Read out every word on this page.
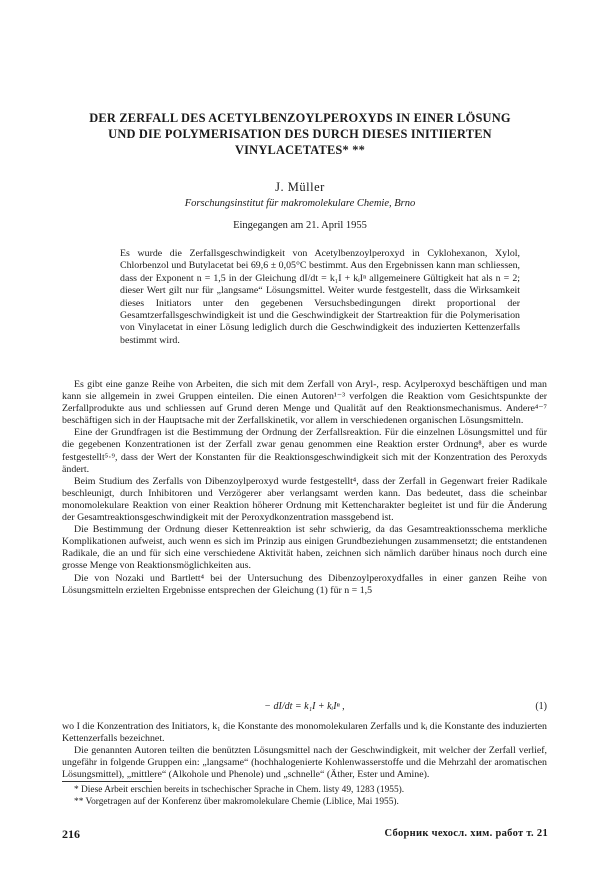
DER ZERFALL DES ACETYLBENZOYLPEROXYDS IN EINER LÖSUNG
UND DIE POLYMERISATION DES DURCH DIESES INITIIERTEN
VINYLACETATES* **

J. Müller

Forschungsinstitut für makromolekulare Chemie, Brno

Eingegangen am 21. April 1955

Es wurde die Zerfallsgeschwindigkeit von Acetylbenzoylperoxyd in Cyklohexanon, Xylol, Chlorbenzol und Butylacetat bei 69,6 ± 0,05°C bestimmt. Aus den Ergebnissen kann man schliessen, dass der Exponent n = 1,5 in der Gleichung dI/dt = k₁I + kᵢIⁿ allgemeinere Gültigkeit hat als n = 2; dieser Wert gilt nur für „langsame“ Lösungsmittel. Weiter wurde festgestellt, dass die Wirksamkeit dieses Initiators unter den gegebenen Versuchsbedingungen direkt proportional der Gesamtzerfallsgeschwindigkeit ist und die Geschwindigkeit der Startreaktion für die Polymerisation von Vinylacetat in einer Lösung lediglich durch die Geschwindigkeit des induzierten Kettenzerfalls bestimmt wird.

Es gibt eine ganze Reihe von Arbeiten, die sich mit dem Zerfall von Aryl-, resp. Acylperoxyd beschäftigen und man kann sie allgemein in zwei Gruppen einteilen. Die einen Autoren¹⁻³ verfolgen die Reaktion vom Gesichtspunkte der Zerfallprodukte aus und schliessen auf Grund deren Menge und Qualität auf den Reaktionsmechanismus. Andere⁴⁻⁷ beschäftigen sich in der Hauptsache mit der Zerfallskinetik, vor allem in verschiedenen organischen Lösungsmitteln.

Eine der Grundfragen ist die Bestimmung der Ordnung der Zerfallsreaktion. Für die einzelnen Lösungsmittel und für die gegebenen Konzentrationen ist der Zerfall zwar genau genommen eine Reaktion erster Ordnung⁸, aber es wurde festgestellt⁵·⁹, dass der Wert der Konstanten für die Reaktionsgeschwindigkeit sich mit der Konzentration des Peroxyds ändert.

Beim Studium des Zerfalls von Dibenzoylperoxyd wurde festgestellt⁴, dass der Zerfall in Gegenwart freier Radikale beschleunigt, durch Inhibitoren und Verzögerer aber verlangsamt werden kann. Das bedeutet, dass die scheinbar monomolekulare Reaktion von einer Reaktion höherer Ordnung mit Kettencharakter begleitet ist und für die Änderung der Gesamtreaktionsgeschwindigkeit mit der Peroxydkonzentration massgebend ist.

Die Bestimmung der Ordnung dieser Kettenreaktion ist sehr schwierig, da das Gesamtreaktionsschema merkliche Komplikationen aufweist, auch wenn es sich im Prinzip aus einigen Grundbeziehungen zusammensetzt; die entstandenen Radikale, die an und für sich eine verschiedene Aktivität haben, zeichnen sich nämlich darüber hinaus noch durch eine grosse Menge von Reaktionsmöglichkeiten aus.

Die von Nozaki und Bartlett⁴ bei der Untersuchung des Dibenzoylperoxydfalles in einer ganzen Reihe von Lösungsmitteln erzielten Ergebnisse entsprechen der Gleichung (1) für n = 1,5

− dI/dt = k₁I + kᵢIⁿ ,	(1)

wo I die Konzentration des Initiators, k₁ die Konstante des monomolekularen Zerfalls und kᵢ die Konstante des induzierten Kettenzerfalls bezeichnet.

Die genannten Autoren teilten die benützten Lösungsmittel nach der Geschwindigkeit, mit welcher der Zerfall verlief, ungefähr in folgende Gruppen ein: „langsame“ (hochhalogenierte Kohlenwasserstoffe und die Mehrzahl der aromatischen Lösungsmittel), „mittlere“ (Alkohole und Phenole) und „schnelle“ (Äther, Ester und Amine).

* Diese Arbeit erschien bereits in tschechischer Sprache in Chem. listy 49, 1283 (1955).

** Vorgetragen auf der Konferenz über makromolekulare Chemie (Liblice, Mai 1955).

216	Сборник чехосл. хим. работ т. 21
